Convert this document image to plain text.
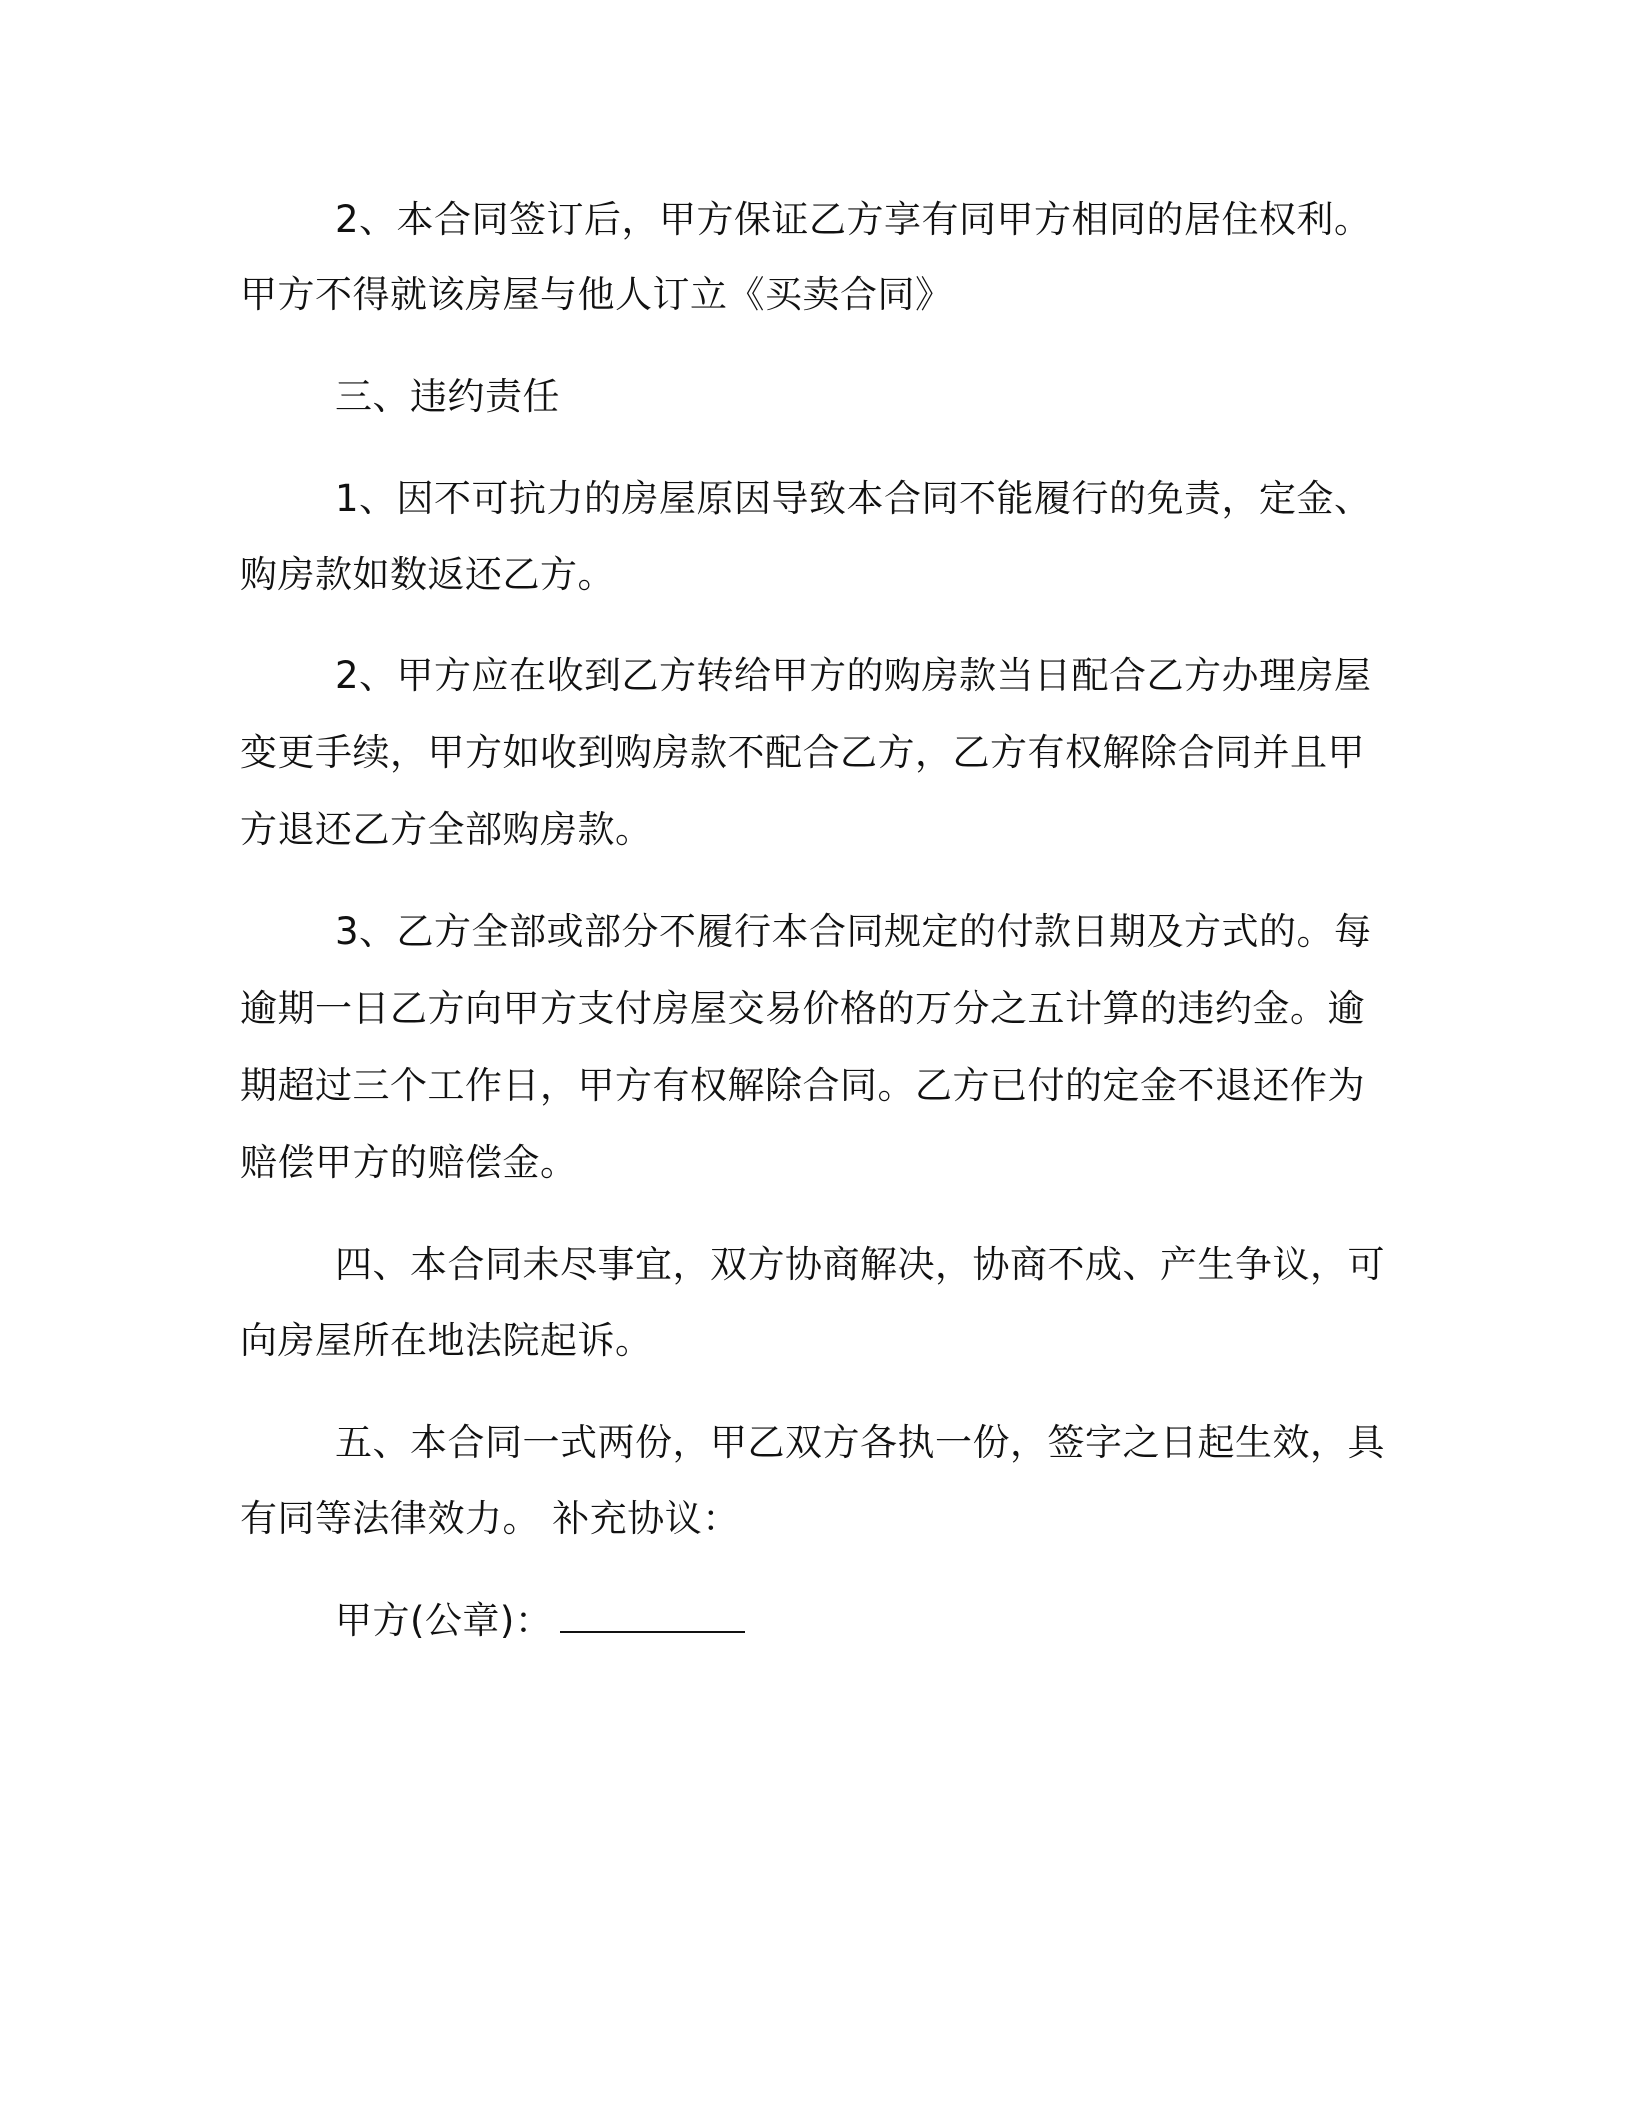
2、本合同签订后，甲方保证乙方享有同甲方相同的居住权利。
甲方不得就该房屋与他人订立《买卖合同》
三、违约责任
1、因不可抗力的房屋原因导致本合同不能履行的免责，定金、
购房款如数返还乙方。
2、甲方应在收到乙方转给甲方的购房款当日配合乙方办理房屋
变更手续，甲方如收到购房款不配合乙方，乙方有权解除合同并且甲
方退还乙方全部购房款。
3、乙方全部或部分不履行本合同规定的付款日期及方式的。每
逾期一日乙方向甲方支付房屋交易价格的万分之五计算的违约金。逾
期超过三个工作日，甲方有权解除合同。乙方已付的定金不退还作为
赔偿甲方的赔偿金。
四、本合同未尽事宜，双方协商解决，协商不成、产生争议，可
向房屋所在地法院起诉。
五、本合同一式两份，甲乙双方各执一份，签字之日起生效，具
有同等法律效力。 补充协议：
甲方(公章)：
